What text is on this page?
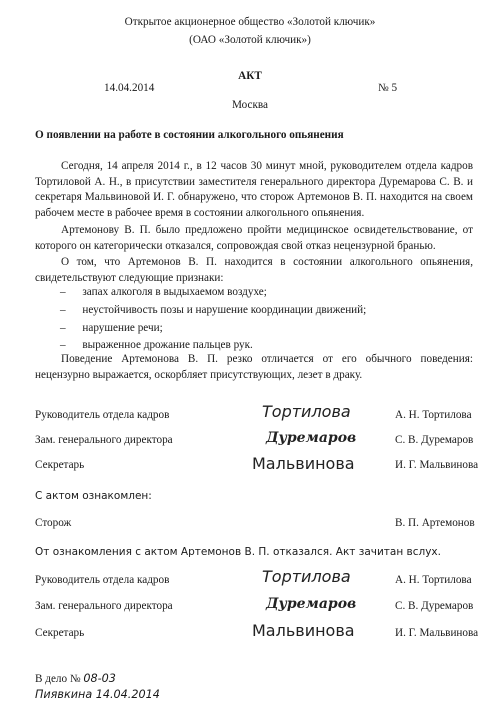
Открытое акционерное общество «Золотой ключик»
(ОАО «Золотой ключик»)
АКТ
14.04.2014	№ 5
Москва
О появлении на работе в состоянии алкогольного опьянения
Сегодня, 14 апреля 2014 г., в 12 часов 30 минут мной, руководителем отдела кадров Тортиловой А. Н., в присутствии заместителя генерального директора Дуремарова С. В. и секретаря Мальвиновой И. Г. обнаружено, что сторож Артемонов В. П. находится на своем рабочем месте в рабочее время в состоянии алкогольного опьянения.
Артемонову В. П. было предложено пройти медицинское освидетельствование, от которого он категорически отказался, сопровождая свой отказ нецензурной бранью.
О том, что Артемонов В. П. находится в состоянии алкогольного опьянения, свидетельствуют следующие признаки:
– запах алкоголя в выдыхаемом воздухе;
– неустойчивость позы и нарушение координации движений;
– нарушение речи;
– выраженное дрожание пальцев рук.
Поведение Артемонова В. П. резко отличается от его обычного поведения: нецензурно выражается, оскорбляет присутствующих, лезет в драку.
Руководитель отдела кадров	Тортилова	А. Н. Тортилова
Зам. генерального директора	Дуремаров	С. В. Дуремаров
Секретарь	Мальвинова	И. Г. Мальвинова
С актом ознакомлен:
Сторож	В. П. Артемонов
От ознакомления с актом Артемонов В. П. отказался. Акт зачитан вслух.
Руководитель отдела кадров	Тортилова	А. Н. Тортилова
Зам. генерального директора	Дуремаров	С. В. Дуремаров
Секретарь	Мальвинова	И. Г. Мальвинова
В дело № 08-03
Пиявкина 14.04.2014
